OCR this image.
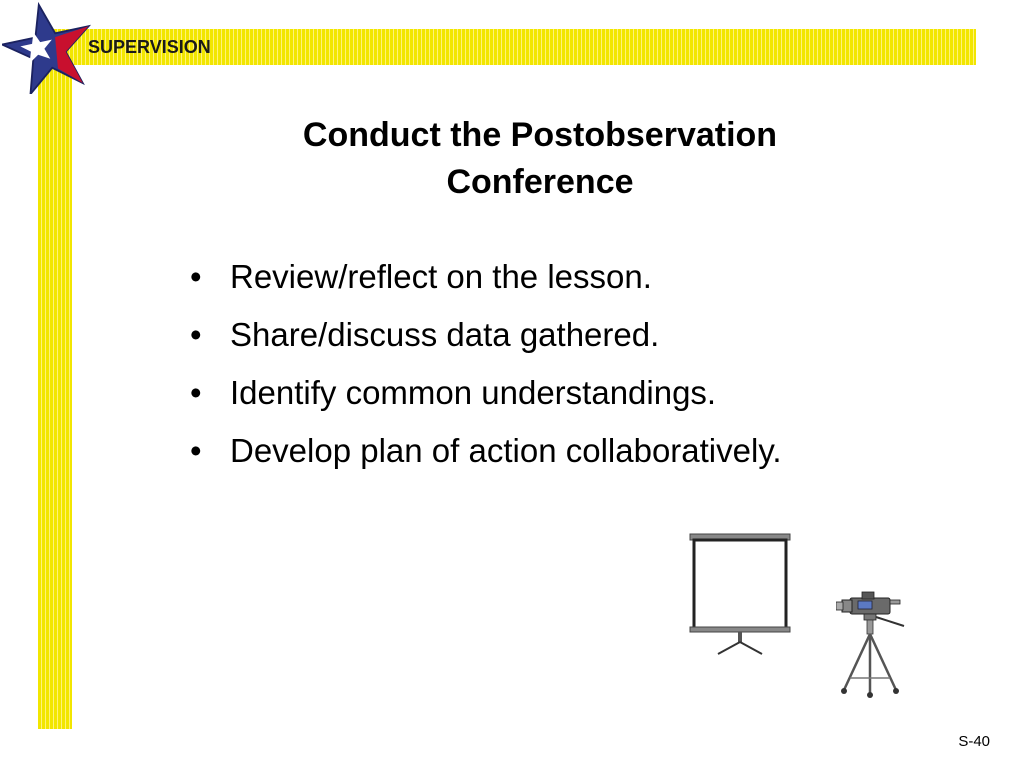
SUPERVISION
Conduct the Postobservation
Conference
• Review/reflect on the lesson.
• Share/discuss data gathered.
• Identify common understandings.
• Develop plan of action collaboratively.
S-40
